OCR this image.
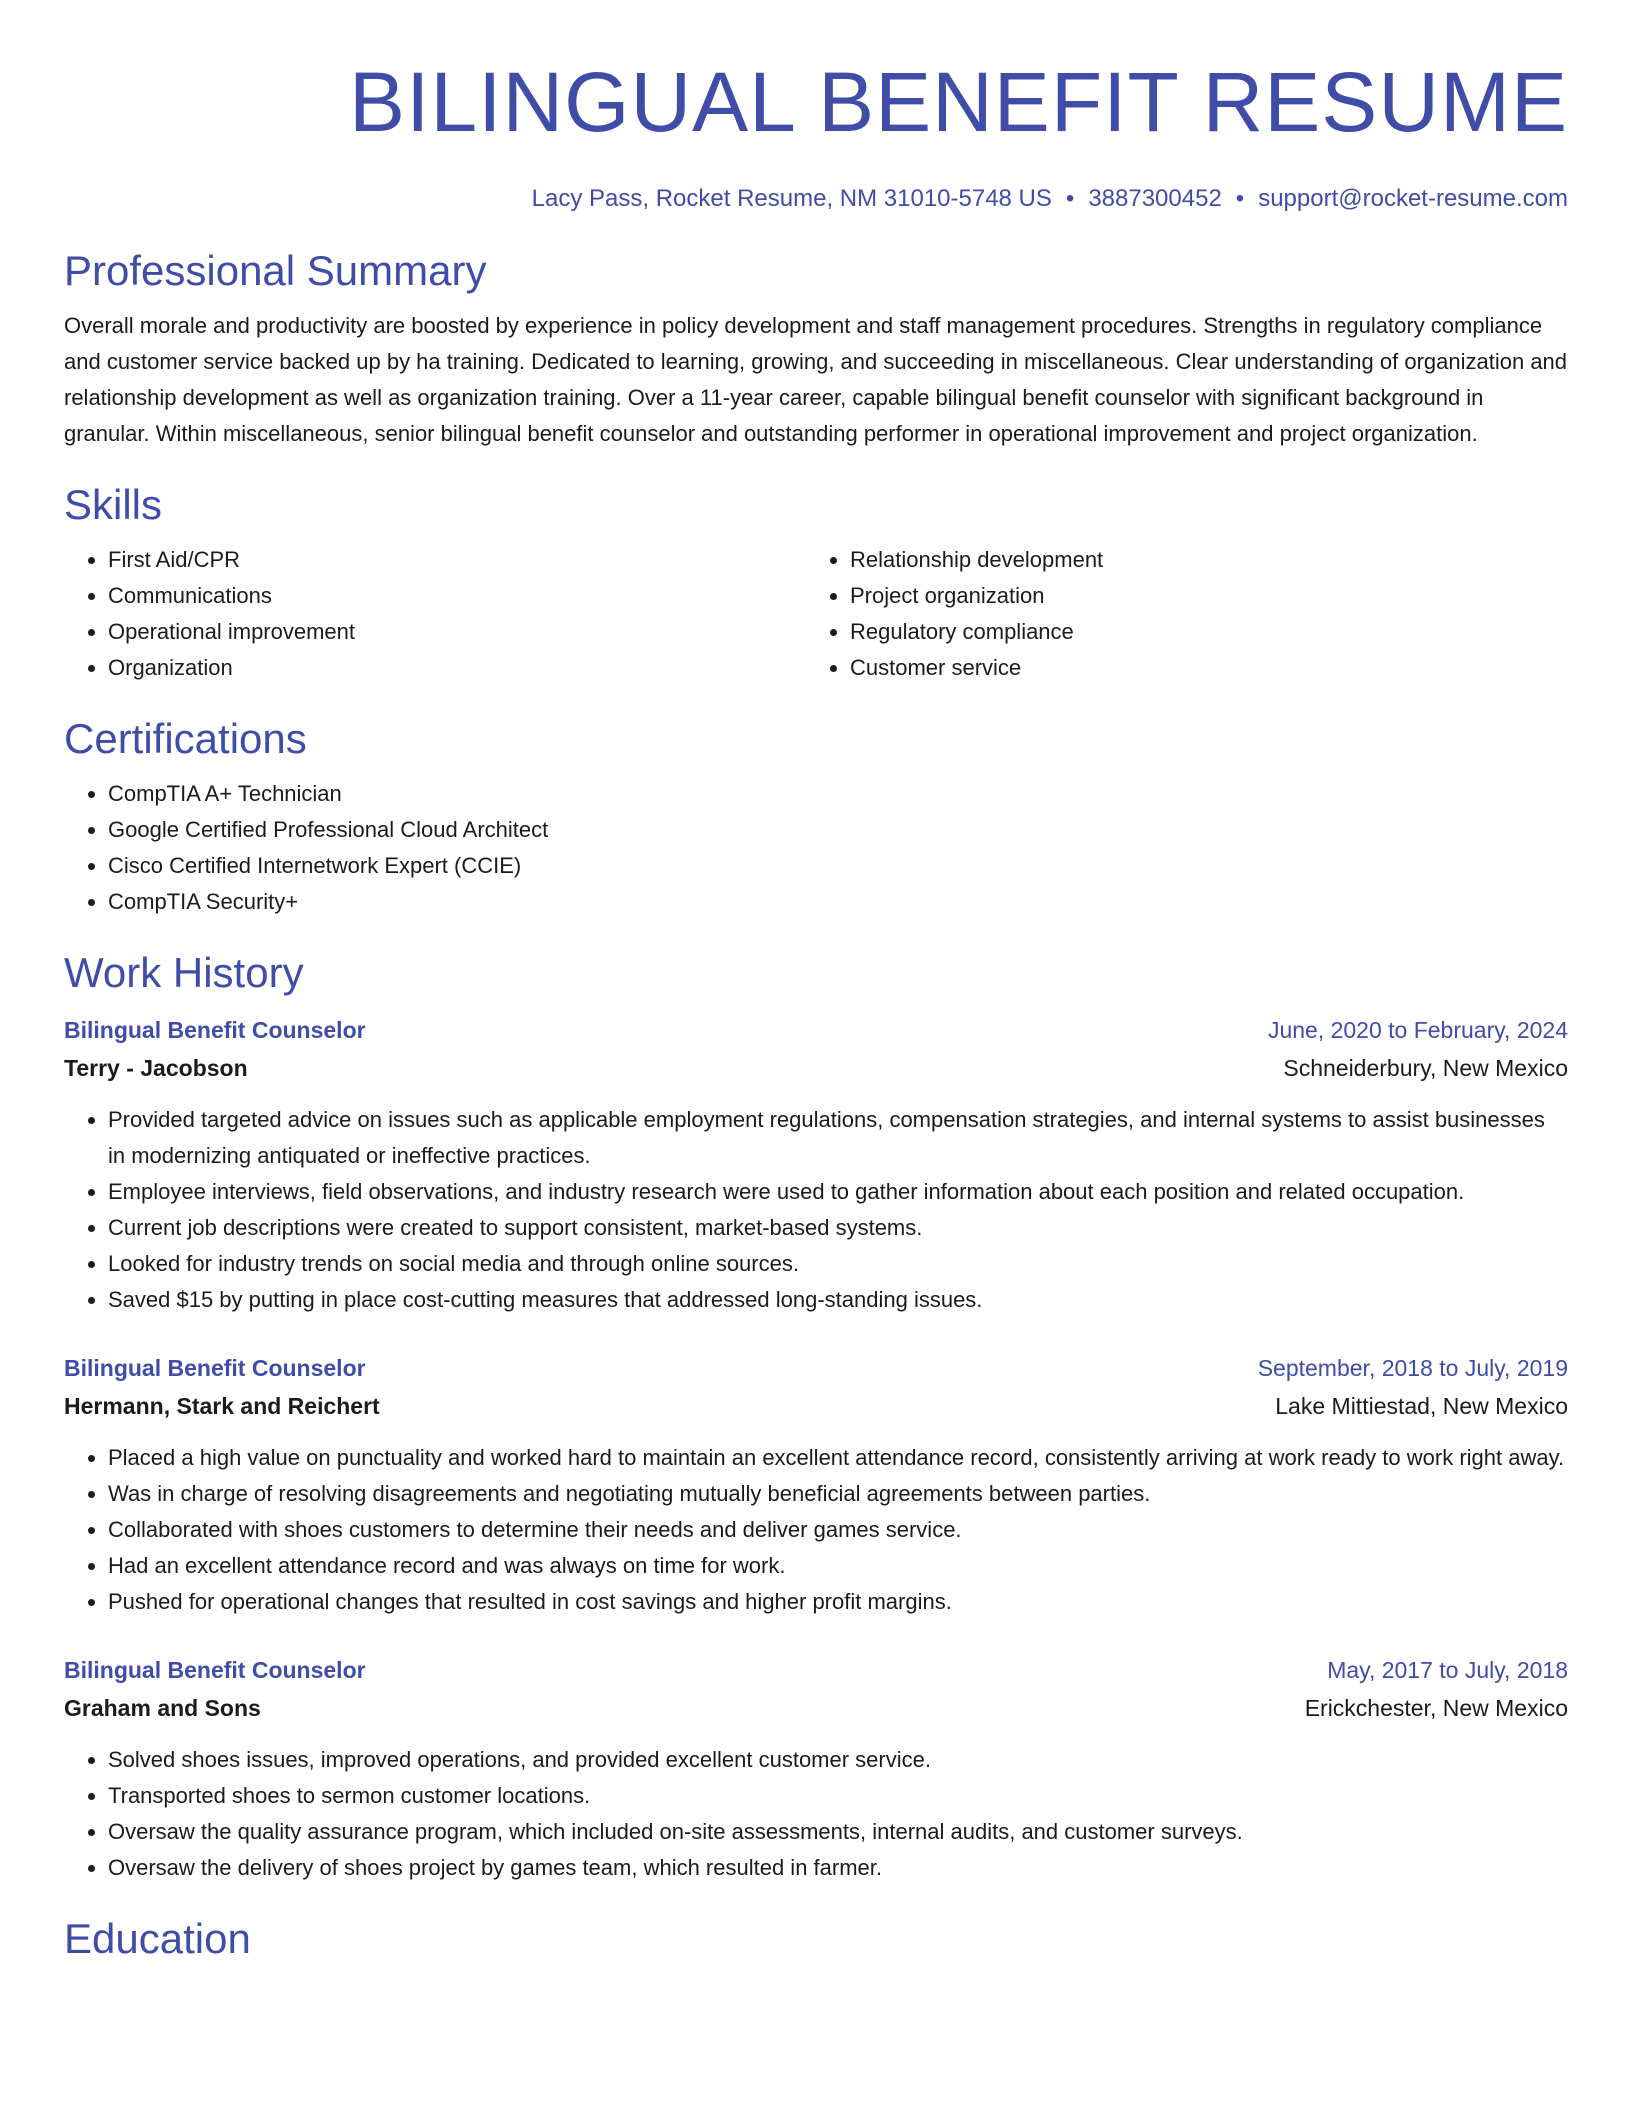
BILINGUAL BENEFIT RESUME
Lacy Pass, Rocket Resume, NM 31010-5748 US • 3887300452 • support@rocket-resume.com
Professional Summary
Overall morale and productivity are boosted by experience in policy development and staff management procedures. Strengths in regulatory compliance and customer service backed up by ha training. Dedicated to learning, growing, and succeeding in miscellaneous. Clear understanding of organization and relationship development as well as organization training. Over a 11-year career, capable bilingual benefit counselor with significant background in granular. Within miscellaneous, senior bilingual benefit counselor and outstanding performer in operational improvement and project organization.
Skills
• First Aid/CPR
• Communications
• Operational improvement
• Organization
• Relationship development
• Project organization
• Regulatory compliance
• Customer service
Certifications
• CompTIA A+ Technician
• Google Certified Professional Cloud Architect
• Cisco Certified Internetwork Expert (CCIE)
• CompTIA Security+
Work History
Bilingual Benefit Counselor	June, 2020 to February, 2024
Terry - Jacobson	Schneiderbury, New Mexico
• Provided targeted advice on issues such as applicable employment regulations, compensation strategies, and internal systems to assist businesses in modernizing antiquated or ineffective practices.
• Employee interviews, field observations, and industry research were used to gather information about each position and related occupation.
• Current job descriptions were created to support consistent, market-based systems.
• Looked for industry trends on social media and through online sources.
• Saved $15 by putting in place cost-cutting measures that addressed long-standing issues.
Bilingual Benefit Counselor	September, 2018 to July, 2019
Hermann, Stark and Reichert	Lake Mittiestad, New Mexico
• Placed a high value on punctuality and worked hard to maintain an excellent attendance record, consistently arriving at work ready to work right away.
• Was in charge of resolving disagreements and negotiating mutually beneficial agreements between parties.
• Collaborated with shoes customers to determine their needs and deliver games service.
• Had an excellent attendance record and was always on time for work.
• Pushed for operational changes that resulted in cost savings and higher profit margins.
Bilingual Benefit Counselor	May, 2017 to July, 2018
Graham and Sons	Erickchester, New Mexico
• Solved shoes issues, improved operations, and provided excellent customer service.
• Transported shoes to sermon customer locations.
• Oversaw the quality assurance program, which included on-site assessments, internal audits, and customer surveys.
• Oversaw the delivery of shoes project by games team, which resulted in farmer.
Education
